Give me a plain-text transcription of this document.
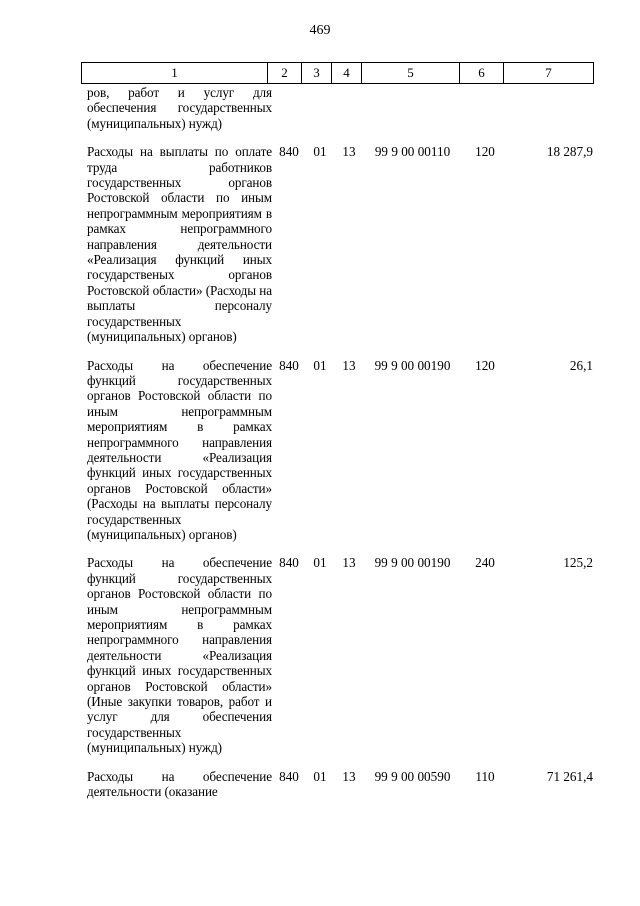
469
1	2	3	4	5	6	7
ров, работ и услуг для обеспечения государственных (муниципальных) нужд)
Расходы на выплаты по оплате труда работников государственных органов Ростовской области по иным непрограммным мероприятиям в рамках непрограммного направления деятельности «Реализация функций иных государственых органов Ростовской области» (Расходы на выплаты персоналу государственных (муниципальных) органов)
840	01	13	99 9 00 00110	120	18 287,9
Расходы на обеспечение функций государственных органов Ростовской области по иным непрограммным мероприятиям в рамках непрограммного направления деятельности «Реализация функций иных государственных органов Ростовской области» (Расходы на выплаты персоналу государственных (муниципальных) органов)
840	01	13	99 9 00 00190	120	26,1
Расходы на обеспечение функций государственных органов Ростовской области по иным непрограммным мероприятиям в рамках непрограммного направления деятельности «Реализация функций иных государственных органов Ростовской области» (Иные закупки товаров, работ и услуг для обеспечения государственных (муниципальных) нужд)
840	01	13	99 9 00 00190	240	125,2
Расходы на обеспечение деятельности (оказание
840	01	13	99 9 00 00590	110	71 261,4
